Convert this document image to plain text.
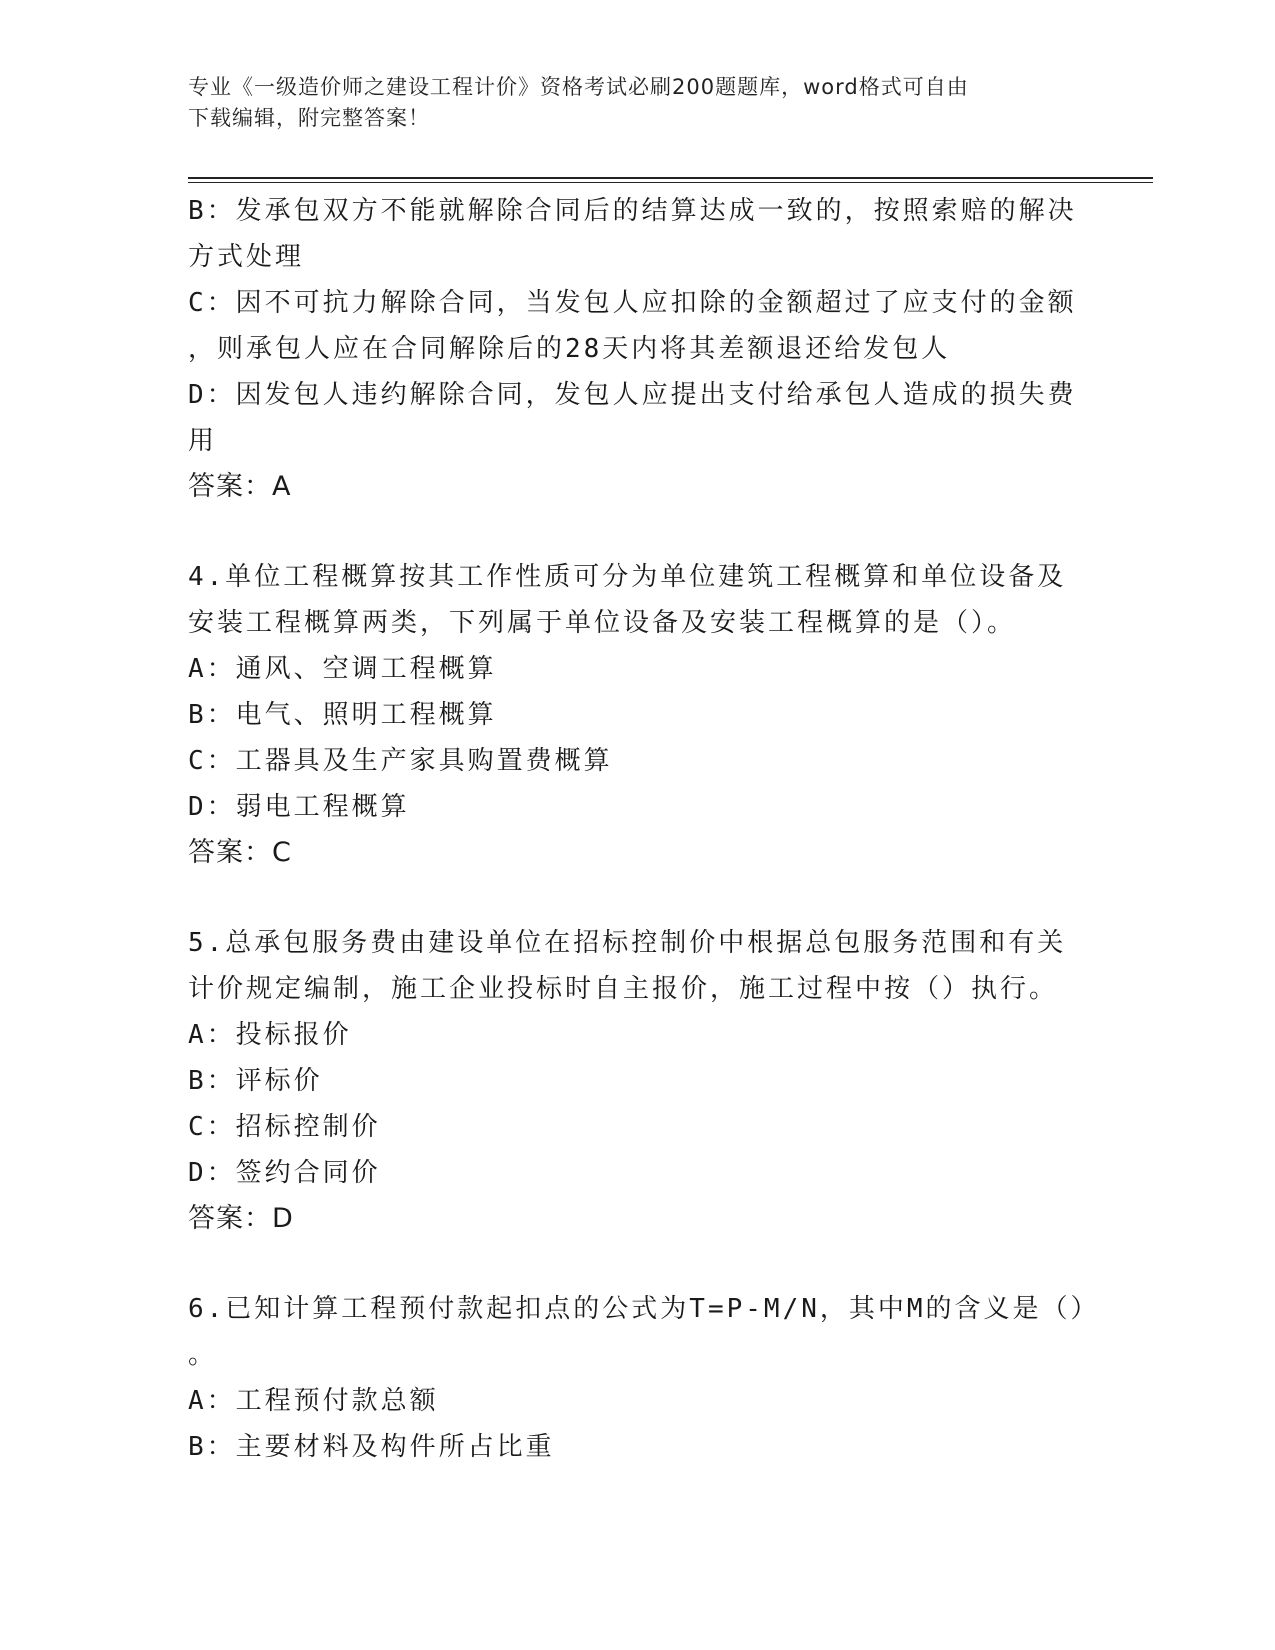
专业《一级造价师之建设工程计价》资格考试必刷200题题库，word格式可自由
下载编辑，附完整答案！
B：发承包双方不能就解除合同后的结算达成一致的，按照索赔的解决
方式处理
C：因不可抗力解除合同，当发包人应扣除的金额超过了应支付的金额
，则承包人应在合同解除后的28天内将其差额退还给发包人
D：因发包人违约解除合同，发包人应提出支付给承包人造成的损失费
用
答案：A
4.单位工程概算按其工作性质可分为单位建筑工程概算和单位设备及
安装工程概算两类，下列属于单位设备及安装工程概算的是（）。
A：通风、空调工程概算
B：电气、照明工程概算
C：工器具及生产家具购置费概算
D：弱电工程概算
答案：C
5.总承包服务费由建设单位在招标控制价中根据总包服务范围和有关
计价规定编制，施工企业投标时自主报价，施工过程中按（）执行。
A：投标报价
B：评标价
C：招标控制价
D：签约合同价
答案：D
6.已知计算工程预付款起扣点的公式为T=P-M/N，其中M的含义是（）
。
A：工程预付款总额
B：主要材料及构件所占比重
